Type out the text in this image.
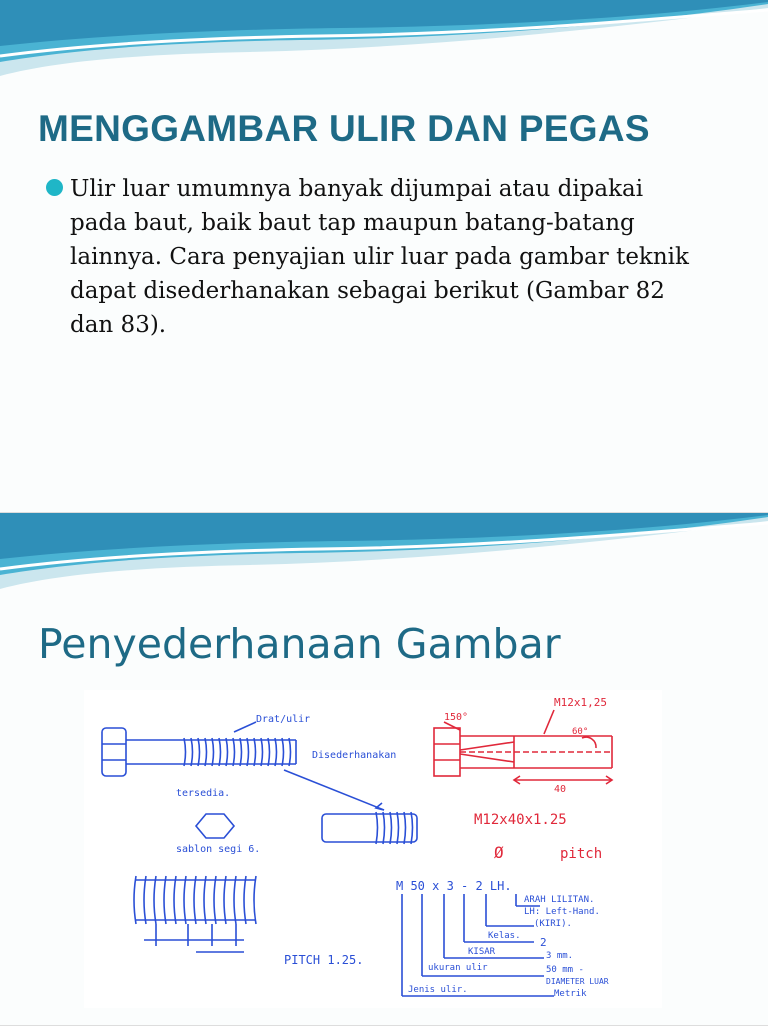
MENGGAMBAR ULIR DAN PEGAS
Ulir luar umumnya banyak dijumpai atau dipakai
pada baut, baik baut tap maupun batang-batang
lainnya. Cara penyajian ulir luar pada gambar teknik
dapat disederhanakan sebagai berikut (Gambar 82
dan 83).
Penyederhanaan Gambar
Drat/ulir
Disederhanakan
tersedia.
sablon segi 6.
PITCH 1.25.
M 50 x 3 - 2 LH.
ARAH LILITAN.
LH: Left-Hand.
(KIRI).
Kelas. 2
KISAR	3 mm.
ukuran ulir	50 mm -
DIAMETER LUAR
Jenis ulir.	Metrik
150°
M12x1,25
60°
40
M12x40x1.25
Ø	pitch
